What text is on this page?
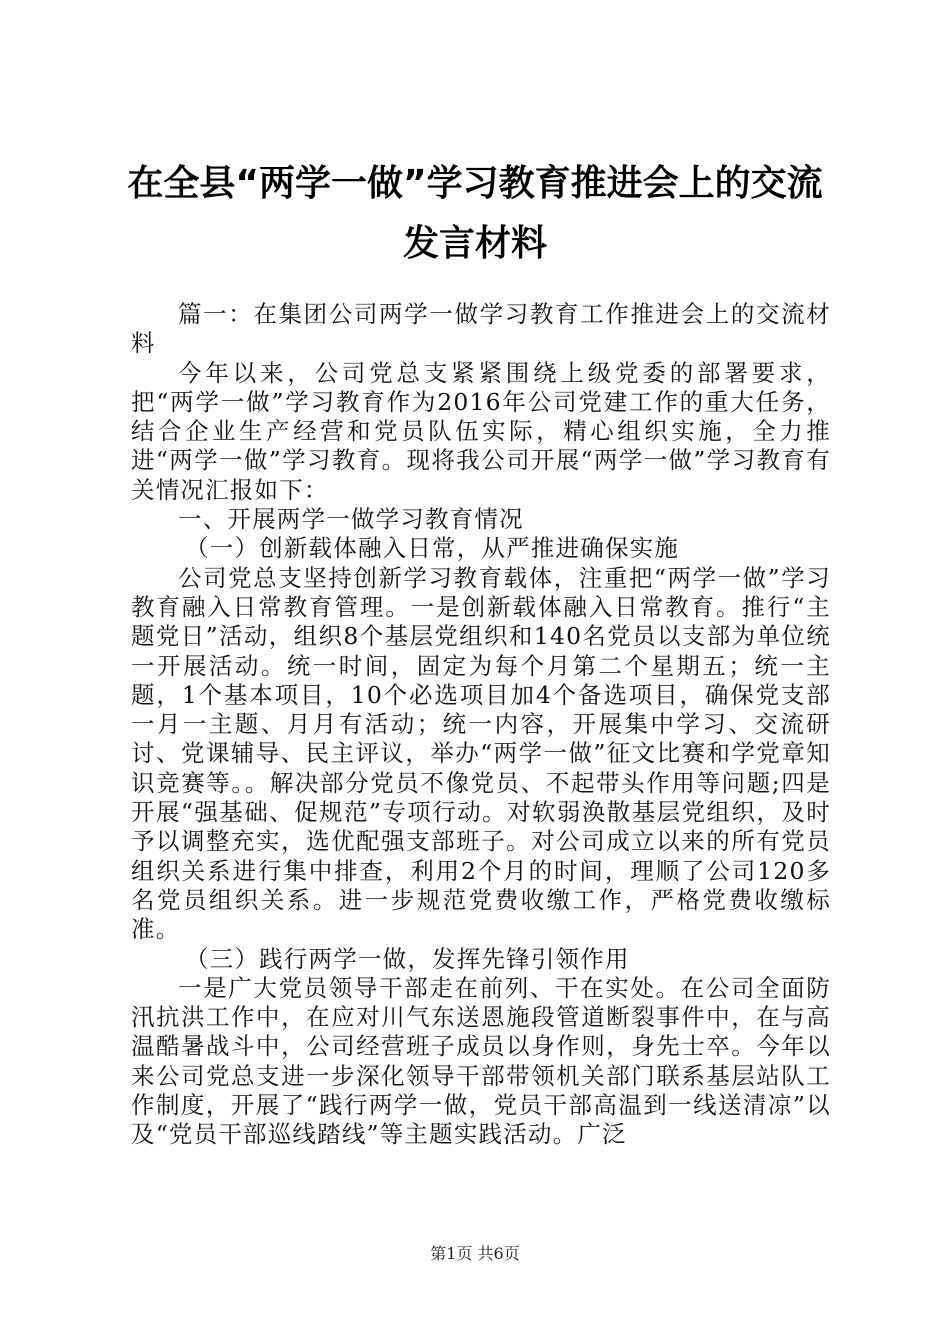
在全县“两学一做”学习教育推进会上的交流
发言材料

篇一：在集团公司两学一做学习教育工作推进会上的交流材料

今年以来，公司党总支紧紧围绕上级党委的部署要求，把“两学一做”学习教育作为2016年公司党建工作的重大任务，结合企业生产经营和党员队伍实际，精心组织实施，全力推进“两学一做”学习教育。现将我公司开展“两学一做”学习教育有关情况汇报如下：

一、开展两学一做学习教育情况

（一）创新载体融入日常，从严推进确保实施

公司党总支坚持创新学习教育载体，注重把“两学一做”学习教育融入日常教育管理。一是创新载体融入日常教育。推行“主题党日”活动，组织8个基层党组织和140名党员以支部为单位统一开展活动。统一时间，固定为每个月第二个星期五；统一主题，1个基本项目，10个必选项目加4个备选项目，确保党支部一月一主题、月月有活动；统一内容，开展集中学习、交流研讨、党课辅导、民主评议，举办“两学一做”征文比赛和学党章知识竞赛等。。解决部分党员不像党员、不起带头作用等问题;四是开展“强基础、促规范”专项行动。对软弱涣散基层党组织，及时予以调整充实，选优配强支部班子。对公司成立以来的所有党员组织关系进行集中排查，利用2个月的时间，理顺了公司120多名党员组织关系。进一步规范党费收缴工作，严格党费收缴标准。

（三）践行两学一做，发挥先锋引领作用

一是广大党员领导干部走在前列、干在实处。在公司全面防汛抗洪工作中，在应对川气东送恩施段管道断裂事件中，在与高温酷暑战斗中，公司经营班子成员以身作则，身先士卒。今年以来公司党总支进一步深化领导干部带领机关部门联系基层站队工作制度，开展了“践行两学一做，党员干部高温到一线送清凉”以及“党员干部巡线踏线”等主题实践活动。广泛

第1页 共6页
